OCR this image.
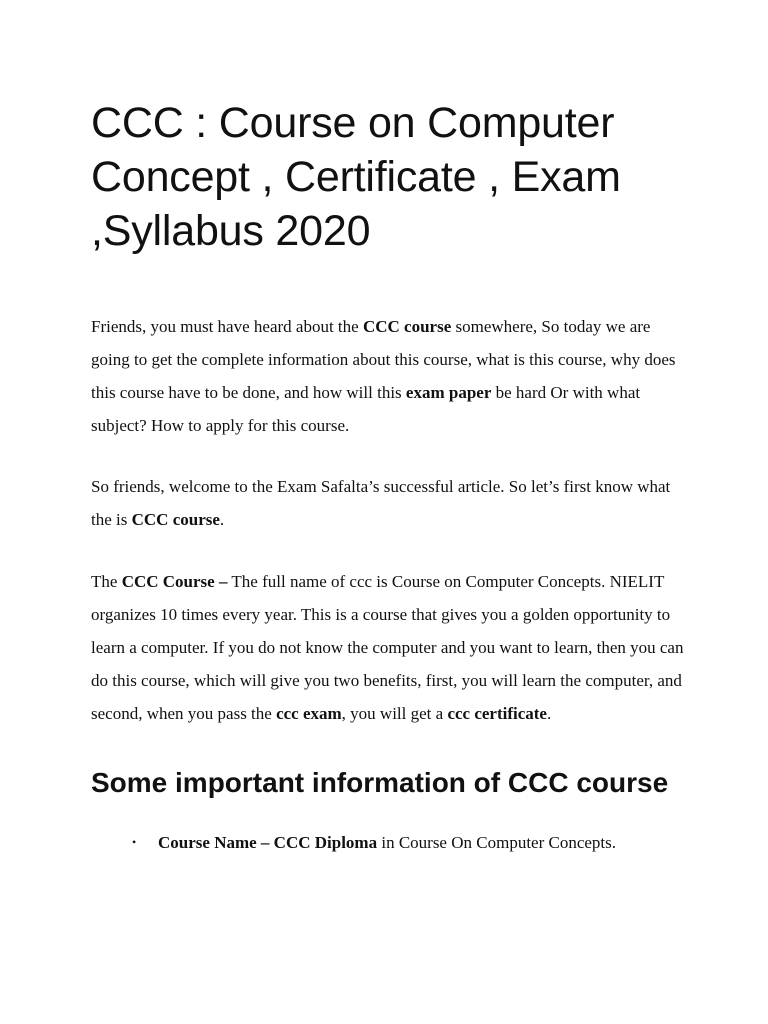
CCC : Course on Computer Concept , Certificate , Exam ,Syllabus 2020

Friends, you must have heard about the CCC course somewhere, So today we are going to get the complete information about this course, what is this course, why does this course have to be done, and how will this exam paper be hard Or with what subject? How to apply for this course.

So friends, welcome to the Exam Safalta’s successful article. So let’s first know what the is CCC course.

The CCC Course – The full name of ccc is Course on Computer Concepts. NIELIT organizes 10 times every year. This is a course that gives you a golden opportunity to learn a computer. If you do not know the computer and you want to learn, then you can do this course, which will give you two benefits, first, you will learn the computer, and second, when you pass the ccc exam, you will get a ccc certificate.

Some important information of CCC course
• Course Name – CCC Diploma in Course On Computer Concepts.
